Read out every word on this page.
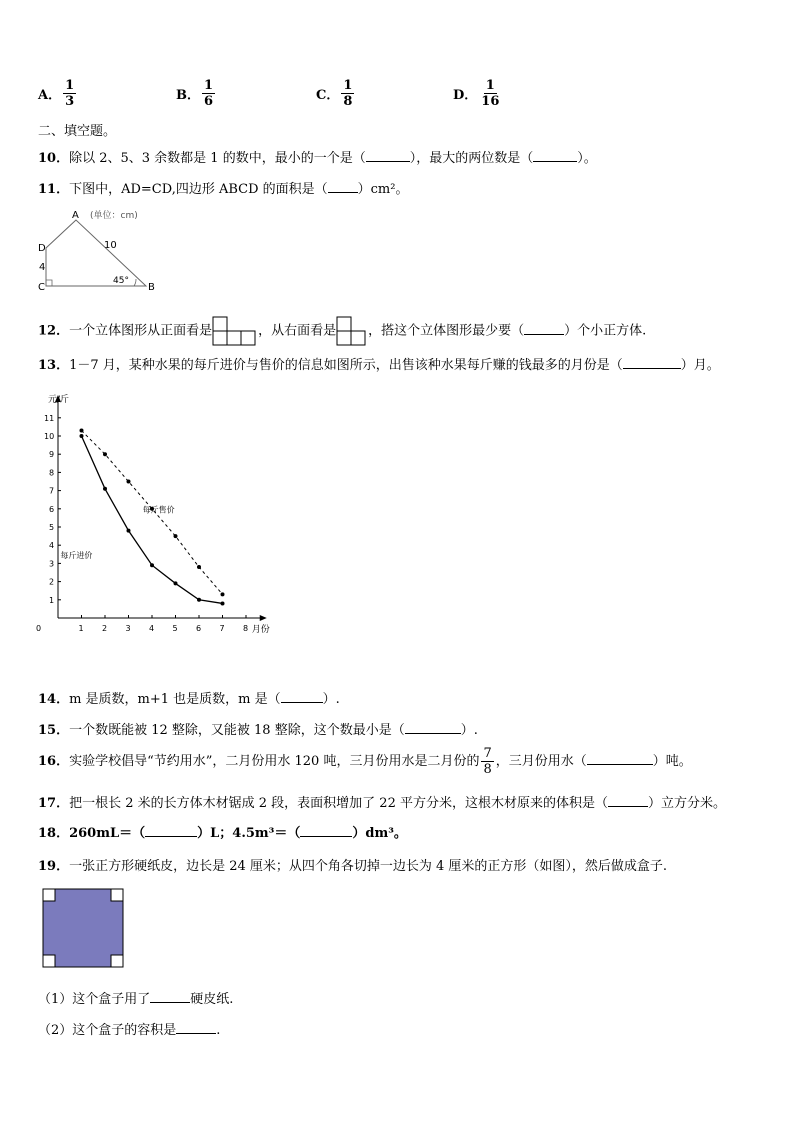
A． $\frac{1}{3}$	B． $\frac{1}{6}$	C． $\frac{1}{8}$	D． $\frac{1}{16}$
二、填空题。
10．除以 2、5、3 余数都是 1 的数中，最小的一个是（	），最大的两位数是（	）。
11．下图中，AD=CD,四边形 ABCD 的面积是（ ）cm²。
A
B
C
D
(单位：cm)
10
4
45°
12．一个立体图形从正面看是	，从右面看是 ，搭这个立体图形最少要（	）个小正方体.
13．1－7 月，某种水果的每斤进价与售价的信息如图所示，出售该种水果每斤赚的钱最多的月份是（	）月。
1 2 3 4 5 6 7 8
1
2
3
4
5
6
7
8
9
10
11
0
元/斤
月份
每斤售价
每斤进价
14．m 是质数，m+1 也是质数，m 是（	）.
15．一个数既能被 12 整除，又能被 18 整除，这个数最小是（	）.
16．实验学校倡导“节约用水”，二月份用水 120 吨，三月份用水是二月份的 $\frac{7}{8}$ ，三月份用水（	）吨。
17．把一根长 2 米的长方体木材锯成 2 段，表面积增加了 22 平方分米，这根木材原来的体积是（	）立方分米。
18．260mL＝（	）L；4.5m³＝（	）dm³。
19．一张正方形硬纸皮，边长是 24 厘米；从四个角各切掉一边长为 4 厘米的正方形（如图），然后做成盒子.
（1）这个盒子用了	硬皮纸.
（2）这个盒子的容积是	.
